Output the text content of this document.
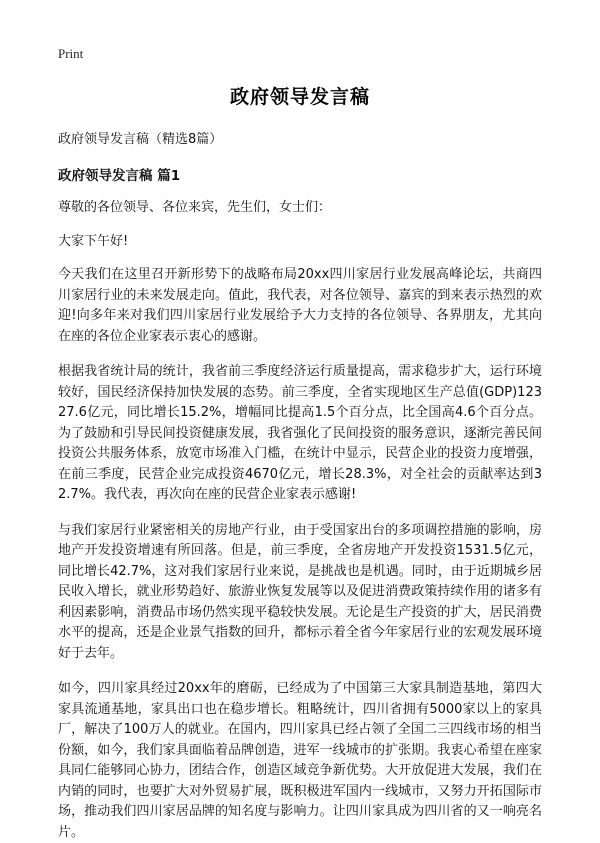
Print
政府领导发言稿
政府领导发言稿（精选8篇）
政府领导发言稿 篇1

尊敬的各位领导、各位来宾，先生们，女士们：

大家下午好!

今天我们在这里召开新形势下的战略布局20xx四川家居行业发展高峰论坛，共商四川家居行业的未来发展走向。值此，我代表，对各位领导、嘉宾的到来表示热烈的欢迎!向多年来对我们四川家居行业发展给予大力支持的各位领导、各界朋友，尤其向在座的各位企业家表示衷心的感谢。

根据我省统计局的统计，我省前三季度经济运行质量提高，需求稳步扩大，运行环境较好，国民经济保持加快发展的态势。前三季度，全省实现地区生产总值(GDP)12327.6亿元，同比增长15.2%，增幅同比提高1.5个百分点，比全国高4.6个百分点。为了鼓励和引导民间投资健康发展，我省强化了民间投资的服务意识，逐渐完善民间投资公共服务体系，放宽市场准入门槛，在统计中显示，民营企业的投资力度增强，在前三季度，民营企业完成投资4670亿元，增长28.3%，对全社会的贡献率达到32.7%。我代表，再次向在座的民营企业家表示感谢!

与我们家居行业紧密相关的房地产行业，由于受国家出台的多项调控措施的影响，房地产开发投资增速有所回落。但是，前三季度，全省房地产开发投资1531.5亿元，同比增长42.7%，这对我们家居行业来说，是挑战也是机遇。同时，由于近期城乡居民收入增长，就业形势趋好、旅游业恢复发展等以及促进消费政策持续作用的诸多有利因素影响，消费品市场仍然实现平稳较快发展。无论是生产投资的扩大，居民消费水平的提高，还是企业景气指数的回升，都标示着全省今年家居行业的宏观发展环境好于去年。

如今，四川家具经过20xx年的磨砺，已经成为了中国第三大家具制造基地，第四大家具流通基地，家具出口也在稳步增长。粗略统计，四川省拥有5000家以上的家具厂，解决了100万人的就业。在国内，四川家具已经占领了全国二三四线市场的相当份额，如今，我们家具面临着品牌创造，进军一线城市的扩张期。我衷心希望在座家具同仁能够同心协力，团结合作，创造区域竞争新优势。大开放促进大发展，我们在内销的同时，也要扩大对外贸易扩展，既积极进军国内一线城市，又努力开拓国际市场，推动我们四川家居品牌的知名度与影响力。让四川家具成为四川省的又一响亮名片。
